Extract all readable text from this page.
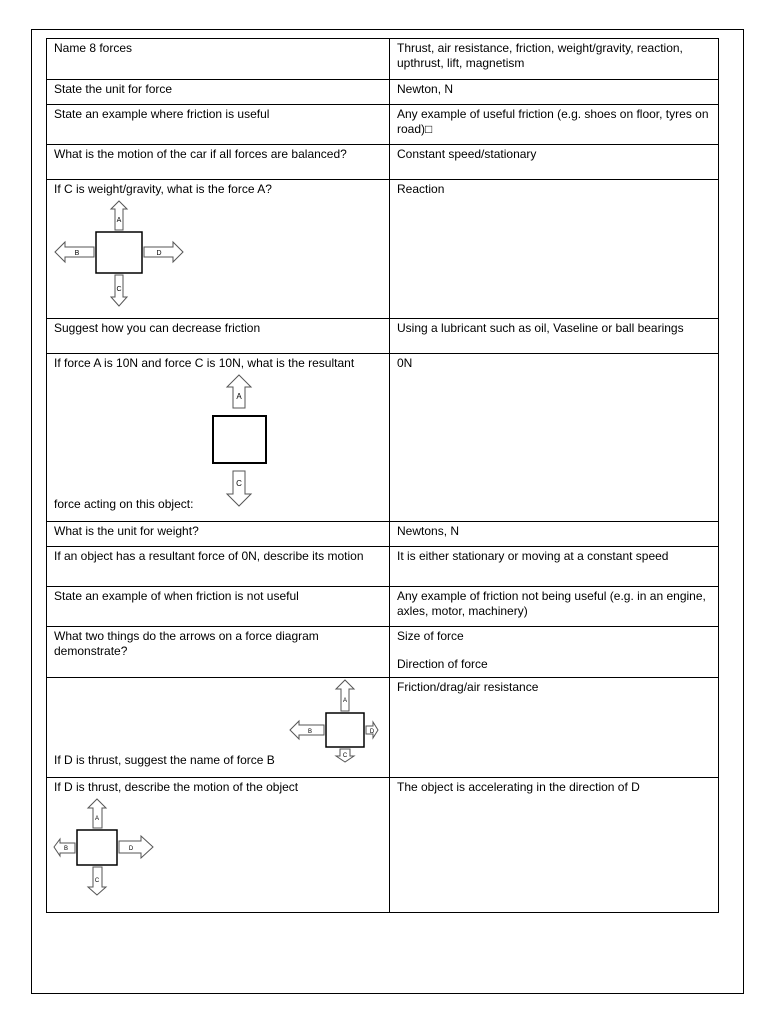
Name 8 forces	Thrust, air resistance, friction, weight/gravity, reaction, upthrust, lift, magnetism

State the unit for force	Newton, N

State an example where friction is useful	Any example of useful friction (e.g. shoes on floor, tyres on road)□

What is the motion of the car if all forces are balanced?	Constant speed/stationary

If C is weight/gravity, what is the force A?
A
B D
C	Reaction

Suggest how you can decrease friction	Using a lubricant such as oil, Vaseline or ball bearings

If force A is 10N and force C is 10N, what is the resultant
A
C
force acting on this object:	0N

What is the unit for weight?	Newtons, N

If an object has a resultant force of 0N, describe its motion	It is either stationary or moving at a constant speed

State an example of when friction is not useful	Any example of friction not being useful (e.g. in an engine, axles, motor, machinery)

What two things do the arrows on a force diagram demonstrate?	Size of force
Direction of force

A
B D
C
If D is thrust, suggest the name of force B	Friction/drag/air resistance

If D is thrust, describe the motion of the object
A
B D
C	The object is accelerating in the direction of D
